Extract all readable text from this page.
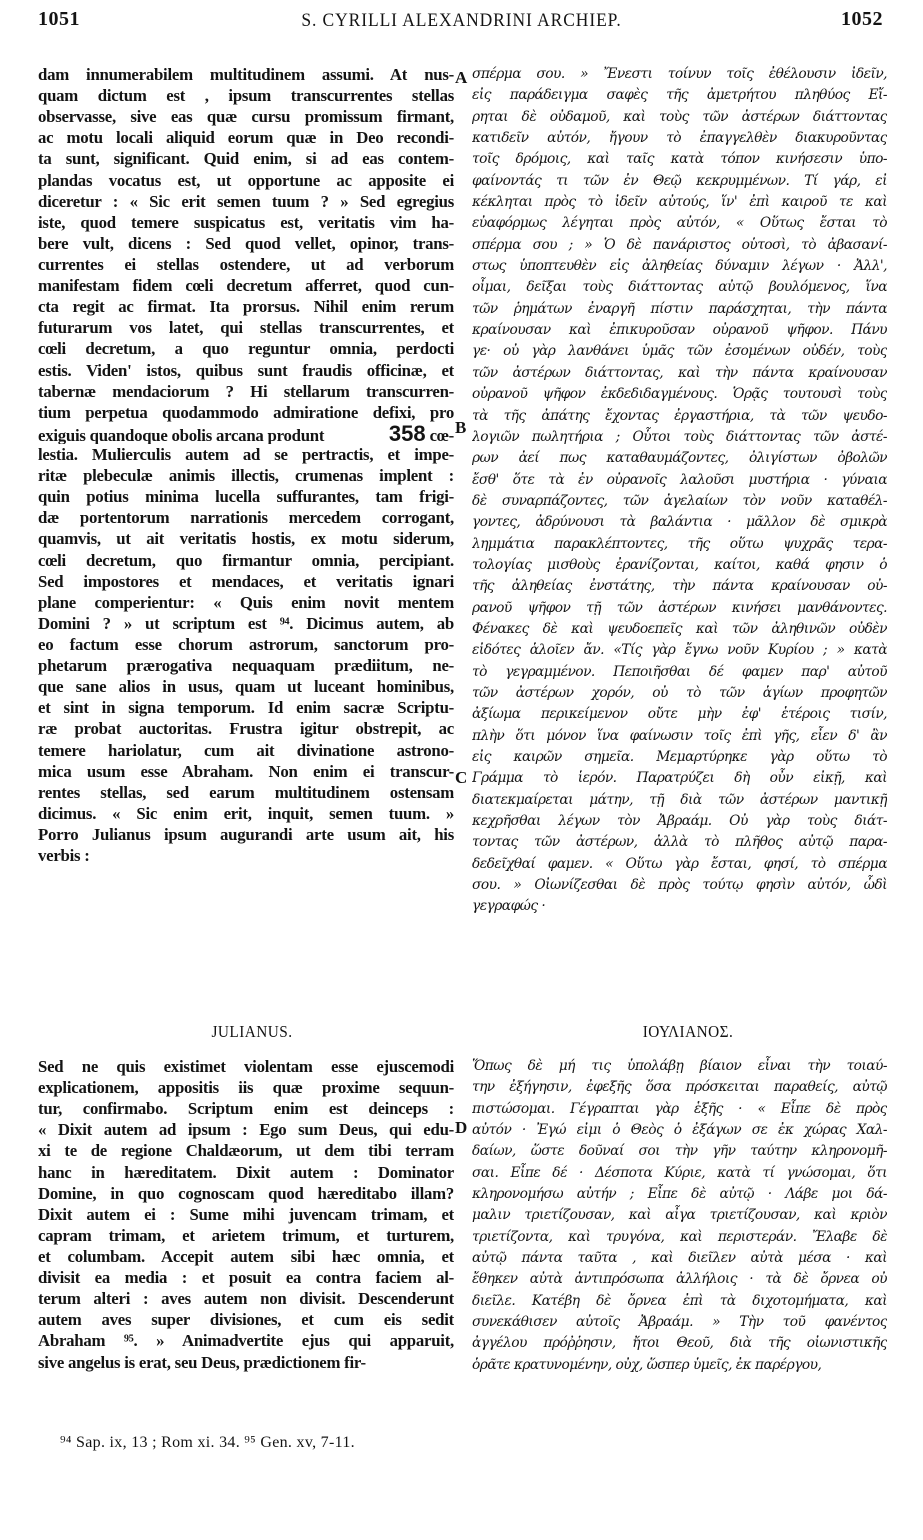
1051	S. CYRILLI ALEXANDRINI ARCHIEP.	1052
A
B
C
D
dam innumerabilem multitudinem assumi. At nus-
quam dictum est , ipsum transcurrentes stellas
observasse, sive eas quæ cursu promissum firmant,
ac motu locali aliquid eorum quæ in Deo recondi-
ta sunt, significant. Quid enim, si ad eas contem-
plandas vocatus est, ut opportune ac apposite ei
diceretur : « Sic erit semen tuum ? » Sed egregius
iste, quod temere suspicatus est, veritatis vim ha-
bere vult, dicens : Sed quod vellet, opinor, trans-
currentes ei stellas ostendere, ut ad verborum
manifestam fidem cœli decretum afferret, quod cun-
cta regit ac firmat. Ita prorsus. Nihil enim rerum
futurarum vos latet, qui stellas transcurrentes, et
cœli decretum, a quo reguntur omnia, perdocti
estis. Viden' istos, quibus sunt fraudis officinæ, et
tabernæ mendaciorum ? Hi stellarum transcurren-
tium perpetua quodammodo admiratione defixi, pro
exiguis quandoque obolis arcana produnt	358 cœ-
lestia. Mulierculis autem ad se pertractis, et impe-
ritæ plebeculæ animis illectis, crumenas implent :
quin potius minima lucella suffurantes, tam frigi-
dæ portentorum narrationis mercedem corrogant,
quamvis, ut ait veritatis hostis, ex motu siderum,
cœli decretum, quo firmantur omnia, percipiant.
Sed impostores et mendaces, et veritatis ignari
plane comperientur: « Quis enim novit mentem
Domini ? » ut scriptum est ⁹⁴. Dicimus autem, ab
eo factum esse chorum astrorum, sanctorum pro-
phetarum prærogativa nequaquam prædiitum, ne-
que sane alios in usus, quam ut luceant hominibus,
et sint in signa temporum. Id enim sacræ Scriptu-
ræ probat auctoritas. Frustra igitur obstrepit, ac
temere hariolatur, cum ait divinatione astrono-
mica usum esse Abraham. Non enim ei transcur-
rentes stellas, sed earum multitudinem ostensam
dicimus. « Sic enim erit, inquit, semen tuum. »
Porro Julianus ipsum augurandi arte usum ait, his
verbis :
σπέρμα σου. » Ἔνεστι τοίνυν τοῖς ἐθέλουσιν ἰδεῖν,
εἰς παράδειγμα σαφὲς τῆς ἀμετρήτου πληθύος Εἴ-
ρηται δὲ οὐδαμοῦ, καὶ τοὺς τῶν ἀστέρων διάττοντας
κατιδεῖν αὐτόν, ἤγουν τὸ ἐπαγγελθὲν διακυροῦντας
τοῖς δρόμοις, καὶ ταῖς κατὰ τόπον κινήσεσιν ὑπο-
φαίνοντάς τι τῶν ἐν Θεῷ κεκρυμμένων. Τί γάρ, εἰ
κέκληται πρὸς τὸ ἰδεῖν αὐτούς, ἵν' ἐπὶ καιροῦ τε καὶ
εὐαφόρμως λέγηται πρὸς αὐτόν, « Οὕτως ἔσται τὸ
σπέρμα σου ; » Ὁ δὲ πανάριστος οὑτοσὶ, τὸ ἀβασανί-
στως ὑποπτευθὲν εἰς ἀληθείας δύναμιν λέγων · Ἀλλ',
οἶμαι, δεῖξαι τοὺς διάττοντας αὐτῷ βουλόμενος, ἵνα
τῶν ῥημάτων ἐναργῆ πίστιν παράσχηται, τὴν πάντα
κραίνουσαν καὶ ἐπικυροῦσαν οὐρανοῦ ψῆφον. Πάνυ
γε· οὐ γὰρ λανθάνει ὑμᾶς τῶν ἐσομένων οὐδέν, τοὺς
τῶν ἀστέρων διάττοντας, καὶ τὴν πάντα κραίνουσαν
οὐρανοῦ ψῆφον ἐκδεδιδαγμένους. Ὁρᾷς τουτουσὶ τοὺς
τὰ τῆς ἀπάτης ἔχοντας ἐργαστήρια, τὰ τῶν ψευδο-
λογιῶν πωλητήρια ; Οὗτοι τοὺς διάττοντας τῶν ἀστέ-
ρων ἀεί πως καταθαυμάζοντες, ὀλιγίστων ὀβολῶν
ἔσθ' ὅτε τὰ ἐν οὐρανοῖς λαλοῦσι μυστήρια · γύναια
δὲ συναρπάζοντες, τῶν ἀγελαίων τὸν νοῦν καταθέλ-
γοντες, ἀδρύνουσι τὰ βαλάντια · μᾶλλον δὲ σμικρὰ
λημμάτια παρακλέπτοντες, τῆς οὕτω ψυχρᾶς τερα-
τολογίας μισθοὺς ἐρανίζονται, καίτοι, καθά φησιν ὁ
τῆς ἀληθείας ἐνστάτης, τὴν πάντα κραίνουσαν οὐ-
ρανοῦ ψῆφον τῇ τῶν ἀστέρων κινήσει μανθάνοντες.
Φένακες δὲ καὶ ψευδοεπεῖς καὶ τῶν ἀληθινῶν οὐδὲν
εἰδότες ἁλοῖεν ἄν. «Τίς γὰρ ἔγνω νοῦν Κυρίου ; » κατὰ
τὸ γεγραμμένον. Πεποιῆσθαι δέ φαμεν παρ' αὐτοῦ
τῶν ἀστέρων χορόν, οὐ τὸ τῶν ἁγίων προφητῶν
ἀξίωμα περικείμενον οὔτε μὴν ἐφ' ἑτέροις τισίν,
πλὴν ὅτι μόνον ἵνα φαίνωσιν τοῖς ἐπὶ γῆς, εἶεν δ' ἂν
εἰς καιρῶν σημεῖα. Μεμαρτύρηκε γὰρ οὕτω τὸ
Γράμμα τὸ ἱερόν. Παρατρύζει δὴ οὖν εἰκῇ, καὶ
διατεκμαίρεται μάτην, τῇ διὰ τῶν ἀστέρων μαντικῇ
κεχρῆσθαι λέγων τὸν Ἀβραάμ. Οὐ γὰρ τοὺς διάτ-
τοντας τῶν ἀστέρων, ἀλλὰ τὸ πλῆθος αὐτῷ παρα-
δεδεῖχθαί φαμεν. « Οὕτω γὰρ ἔσται, φησί, τὸ σπέρμα
σου. » Οἰωνίζεσθαι δὲ πρὸς τούτῳ φησὶν αὐτόν, ὧδὶ
γεγραφώς ·
JULIANUS.	ΙΟΥΛΙΑΝΟΣ.
Sed ne quis existimet violentam esse ejuscemodi
explicationem, appositis iis quæ proxime sequun-
tur, confirmabo. Scriptum enim est deinceps :
« Dixit autem ad ipsum : Ego sum Deus, qui edu-
xi te de regione Chaldæorum, ut dem tibi terram
hanc in hæreditatem. Dixit autem : Dominator
Domine, in quo cognoscam quod hæreditabo illam?
Dixit autem ei : Sume mihi juvencam trimam, et
capram trimam, et arietem trimum, et turturem,
et columbam. Accepit autem sibi hæc omnia, et
divisit ea media : et posuit ea contra faciem al-
terum alteri : aves autem non divisit. Descenderunt
autem aves super divisiones, et cum eis sedit
Abraham ⁹⁵. » Animadvertite ejus qui apparuit,
sive angelus is erat, seu Deus, prædictionem fir-
Ὅπως δὲ μή τις ὑπολάβῃ βίαιον εἶναι τὴν τοιαύ-
την ἐξήγησιν, ἐφεξῆς ὅσα πρόσκειται παραθείς, αὐτῷ
πιστώσομαι. Γέγραπται γὰρ ἑξῆς · « Εἶπε δὲ πρὸς
αὐτόν · Ἐγώ εἰμι ὁ Θεὸς ὁ ἐξάγων σε ἐκ χώρας Χαλ-
δαίων, ὥστε δοῦναί σοι τὴν γῆν ταύτην κληρονομῆ-
σαι. Εἶπε δέ · Δέσποτα Κύριε, κατὰ τί γνώσομαι, ὅτι
κληρονομήσω αὐτήν ; Εἶπε δὲ αὐτῷ · Λάβε μοι δά-
μαλιν τριετίζουσαν, καὶ αἶγα τριετίζουσαν, καὶ κριὸν
τριετίζοντα, καὶ τρυγόνα, καὶ περιστεράν. Ἔλαβε δὲ
αὐτῷ πάντα ταῦτα , καὶ διεῖλεν αὐτὰ μέσα · καὶ
ἔθηκεν αὐτὰ ἀντιπρόσωπα ἀλλήλοις · τὰ δὲ ὄρνεα οὐ
διεῖλε. Κατέβη δὲ ὄρνεα ἐπὶ τὰ διχοτομήματα, καὶ
συνεκάθισεν αὐτοῖς Ἀβραάμ. » Τὴν τοῦ φανέντος
ἀγγέλου πρόῤῥησιν, ἤτοι Θεοῦ, διὰ τῆς οἰωνιστικῆς
ὁρᾶτε κρατυνομένην, οὐχ, ὥσπερ ὑμεῖς, ἐκ παρέργου,
⁹⁴ Sap. ix, 13 ; Rom xi. 34. ⁹⁵ Gen. xv, 7-11.
